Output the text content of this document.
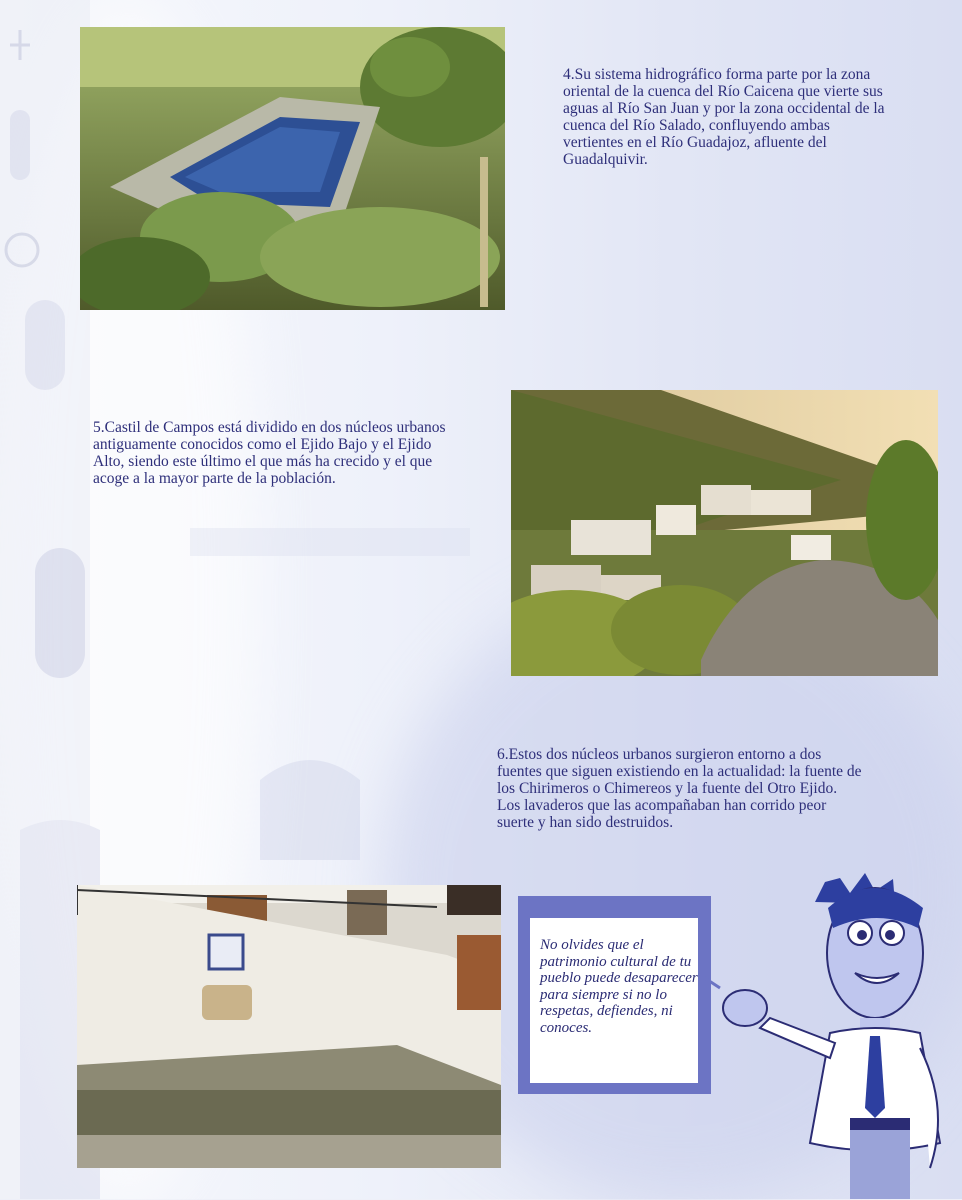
4.Su sistema hidrográfico forma parte por la zona oriental de la cuenca del Río Caicena que vierte sus aguas al Río San Juan y por la zona occidental de la cuenca del Río Salado, confluyendo ambas vertientes en el Río Guadajoz, afluente del Guadalquivir.
5.Castil de Campos está dividido en dos núcleos urbanos antiguamente conocidos como el Ejido Bajo y el Ejido Alto, siendo este último el que más ha crecido y el que acoge a la mayor parte de la población.
6.Estos dos núcleos urbanos surgieron entorno a dos fuentes que siguen existiendo en la actualidad: la fuente de los Chirimeros o Chimereos y la fuente del Otro Ejido. Los lavaderos que las acompañaban han corrido peor suerte y han sido destruidos.
No olvides que el patrimonio cultural de tu pueblo puede desaparecer para siempre si no lo respetas, defiendes, ni conoces.
